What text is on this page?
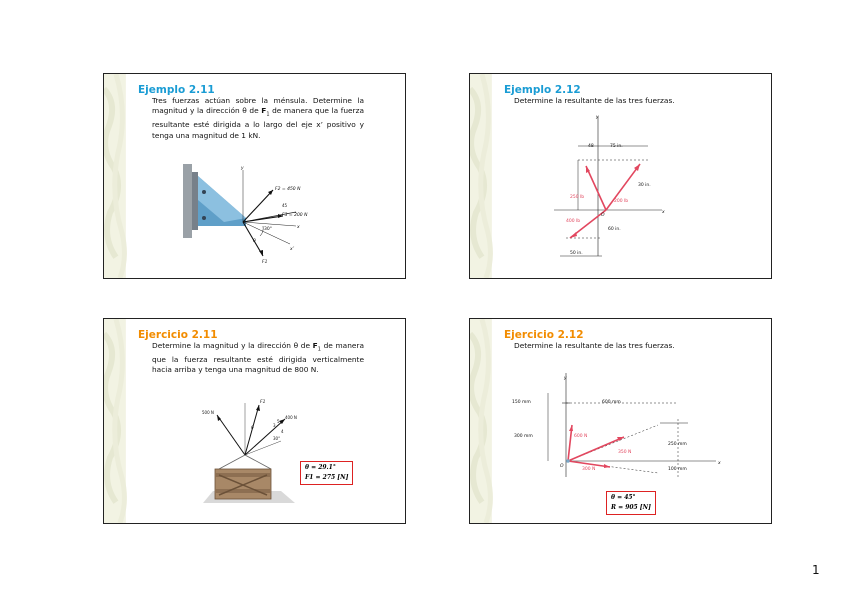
Ejemplo 2.11
Tres fuerzas actúan sobre la ménsula. Determine la magnitud y la dirección θ de $F_1$ de manera que la fuerza resultante esté dirigida a lo largo del eje x’ positivo y tenga una magnitud de 1 kN.
F2 = 450 N
F3 = 200 N
30°
θ
F1
x
y
x’
45
Ejemplo 2.12
Determine la resultante de las tres fuerzas.
y
x
O
48	75 in.
30 in.
60 in.
50 in.
250 lb
400 lb
200 lb
Ejercicio 2.11
Determine la magnitud y la dirección θ de $F_1$ de manera que la fuerza resultante esté dirigida verticalmente hacia arriba y tenga una magnitud de 800 N.
500 N
400 N
F1
θ
30°
3
4
5
θ = 29.1°
F1 = 275 [N]
Ejercicio 2.12
Determine la resultante de las tres fuerzas.
y
x
O
150 mm	600 mm
300 mm
250 mm
100 mm
600 N
350 N
300 N
θ = 45°
R = 905 [N]
1
